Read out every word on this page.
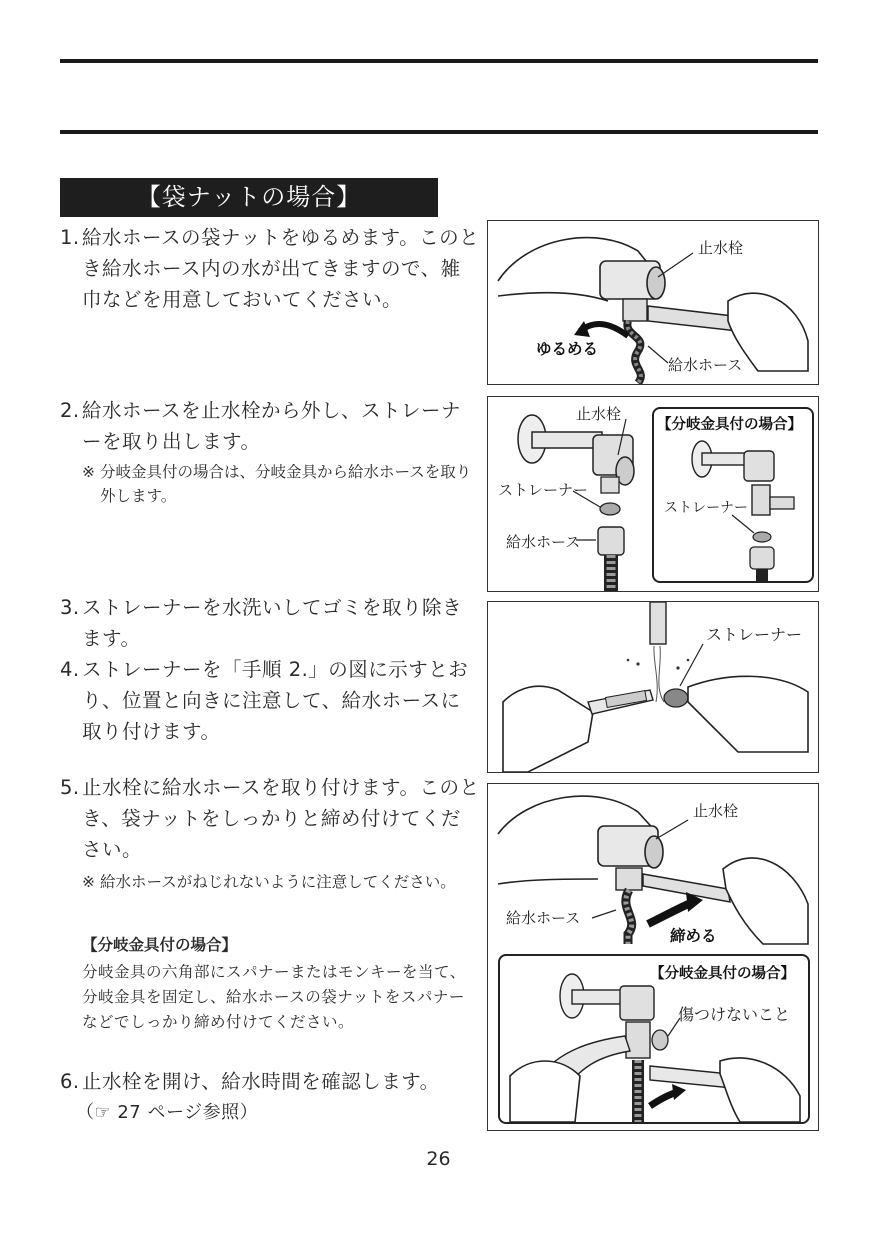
【袋ナットの場合】
1. 給水ホースの袋ナットをゆるめます。このとき給水ホース内の水が出てきますので、雑巾などを用意しておいてください。
2. 給水ホースを止水栓から外し、ストレーナーを取り出します。
※ 分岐金具付の場合は、分岐金具から給水ホースを取り外します。
3. ストレーナーを水洗いしてゴミを取り除きます。
4. ストレーナーを「手順 2.」の図に示すとおり、位置と向きに注意して、給水ホースに取り付けます。
5. 止水栓に給水ホースを取り付けます。このとき、袋ナットをしっかりと締め付けてください。
※ 給水ホースがねじれないように注意してください。
【分岐金具付の場合】
分岐金具の六角部にスパナーまたはモンキーを当て、分岐金具を固定し、給水ホースの袋ナットをスパナーなどでしっかり締め付けてください。
6. 止水栓を開け、給水時間を確認します。
（☞ 27 ページ参照）
止水栓
ゆるめる
給水ホース
止水栓
ストレーナー
給水ホース
【分岐金具付の場合】
ストレーナー
ストレーナー
止水栓
給水ホース
締める
【分岐金具付の場合】
傷つけないこと
26
